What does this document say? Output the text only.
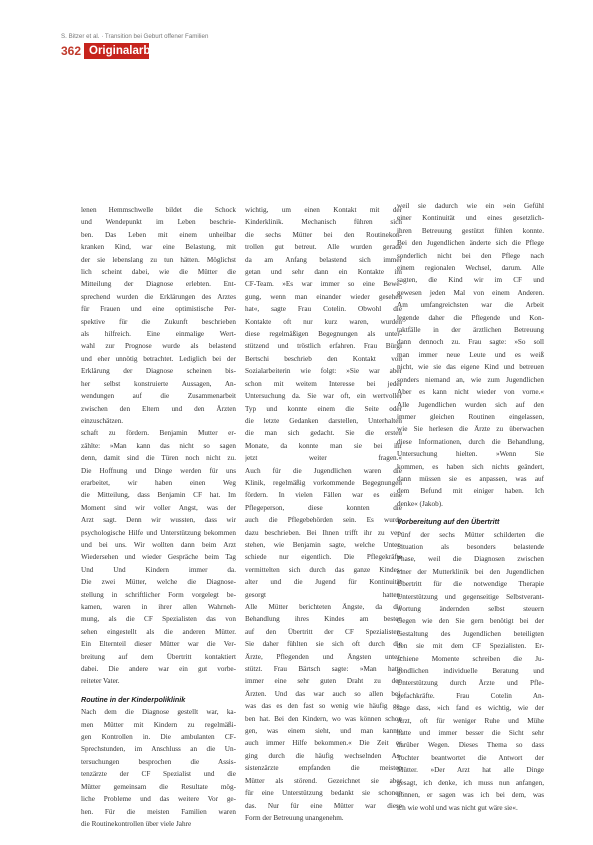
S. Bitzer et al. · Transition bei Geburt offener Familien
362 Originalarbeit
lenen Hemmschwelle bildet die Schock
und Wendepunkt im Leben beschrie-
ben. Das Leben mit einem unheilbar
kranken Kind, war eine Belastung, mit
der sie lebenslang zu tun hätten. Möglichst
lich scheint dabei, wie die Mütter die
Mitteilung der Diagnose erlebten. Ent-
sprechend wurden die Erklärungen des Arztes
für Frauen und eine optimistische Per-
spektive für die Zukunft beschrieben
als hilfreich. Eine einmalige Wert-
wahl zur Prognose wurde als belastend
und eher unnötig betrachtet. Lediglich bei der
Erklärung der Diagnose scheinen bis-
her selbst konstruierte Aussagen, An-
wendungen auf die Zusammenarbeit
zwischen den Eltern und den Ärzten
einzuschätzen.
schaft zu fördern. Benjamin Mutter er-
zählte: »Man kann das nicht so sagen
denn, damit sind die Türen noch nicht zu.
Die Hoffnung und Dinge werden für uns
erarbeitet, wir haben einen Weg
die Mitteilung, dass Benjamin CF hat. Im
Moment sind wir voller Angst, was der
Arzt sagt. Denn wir wussten, dass wir
psychologische Hilfe und Unterstützung bekommen
und bei uns. Wir wollten dann beim Arzt
Wiedersehen und wieder Gespräche beim Tag
Und Und Kindern immer da.
Die zwei Mütter, welche die Diagnose-
stellung in schriftlicher Form vorgelegt be-
kamen, waren in ihrer allen Wahrneh-
mung, als die CF Spezialisten das von
sehen eingestellt als die anderen Mütter.
Ein Elternteil dieser Mütter war die Ver-
breitung auf dem Übertritt kontaktiert
dabei. Die andere war ein gut vorbe-
reiteter Vater.
Routine in der Kinderpoliklinik
Nach dem die Diagnose gestellt war, ka-
men Mütter mit Kindern zu regelmäßi-
gen Kontrollen in. Die ambulanten CF-
Sprechstunden, im Anschluss an die Un-
tersuchungen besprochen die Assis-
tenzärzte der CF Spezialist und die
Mütter gemeinsam die Resultate mög-
liche Probleme und das weitere Vor ge-
hen. Für die meisten Familien waren
die Routinekontrollen über viele Jahre
wichtig, um einen Kontakt mit der
Kinderklinik. Mechanisch führen sich
die sechs Mütter bei den Routinekon-
trollen gut betreut. Alle wurden gerade
da am Anfang belastend sich immer
getan und sehr dann ein Kontakte im
CF-Team. »Es war immer so eine Bewe-
gung, wenn man einander wieder gesehen
hat«, sagte Frau Cotelin. Obwohl die
Kontakte oft nur kurz waren, wurden
diese regelmäßigen Begegnungen als unter-
stützend und tröstlich erfahren. Frau Bürgi
Bertschi beschrieb den Kontakt von
Sozialarbeiterin wie folgt: »Sie war aber
schon mit weitem Interesse bei jeder
Untersuchung da. Sie war oft, ein wertvoller
Typ und konnte einem die Seite oder
die letzte Gedanken darstellen, Unterhalten
die man sich gedacht. Sie die ersten
Monate, da konnte man sie bei ihr
jetzt weiter fragen.«
Auch für die Jugendlichen waren die
Klinik, regelmäßig vorkommende Begegnungen
fördern. In vielen Fällen war es eine
Pflegeperson, diese konnten die
auch die Pflegebehörden sein. Es wurde
dazu beschrieben. Bei Ihnen trifft ihr zu ver-
stehen, wie Benjamin sagte, welche Unter-
schiede nur eigentlich. Die Pflegekräfte
vermittelten sich durch das ganze Kindes-
alter und die Jugend für Kontinuität
gesorgt hatten.
Alle Mütter berichteten Ängste, da die
Behandlung ihres Kindes am besten
auf den Übertritt der CF Spezialisten.
Sie daher fühlten sie sich oft durch die
Ärzte, Pflegenden und Ängsten unter-
stützt. Frau Bärtsch sagte: »Man hatte
immer eine sehr guten Draht zu den
Ärzten. Und das war auch so allen bei,
was das es den fast so wenig wie häufig ge-
ben hat. Bei den Kindern, wo was können schon
gen, was einem sieht, und man kannte
auch immer Hilfe bekommen.« Die Zeit es
ging durch die häufig wechselnden As-
sistenzärzte empfanden die meisten
Mütter als störend. Gezeichnet sie aber
für eine Unterstützung bedankt sie schonen
das. Nur für eine Mütter war diese
Form der Betreuung unangenehm.
weil sie dadurch wie ein »ein Gefühl
einer Kontinuität und eines gesetzlich-
ihren Betreuung gestützt fühlen konnte.
Bei den Jugendlichen änderte sich die Pflege
sonderlich nicht bei den Pflege nach
einem regionalen Wechsel, darum. Alle
sagten, die Kind wir im CF und
gewesen jeden Mal von einem Anderen.
Am umfangreichsten war die Arbeit
legende daher die Pflegende und Kon-
taktfälle in der ärztlichen Betreuung
dann dennoch zu. Frau sagte: »So soll
man immer neue Leute und es weiß
nicht, wie sie das eigene Kind und betreuen
sonders niemand an, wie zum Jugendlichen
Aber es kann nicht wieder von vorne.«
Alle Jugendlichen wurden sich auf den
immer gleichen Routinen eingelassen,
wie Sie herlesen die Ärzte zu überwachen
diese Informationen, durch die Behandlung,
Untersuchung hielten. »Wenn Sie
kommen, es haben sich nichts geändert,
dann müssen sie es anpassen, was auf
dem Befund mit einiger haben. Ich
denke« (Jakob).
Vorbereitung auf den Übertritt
Fünf der sechs Mütter schilderten die
Situation als besonders belastende
Phase, weil die Diagnosen zwischen
einer der Mutterklinik bei den Jugendlichen
Übertritt für die notwendige Therapie
Unterstützung und gegenseitige Selbstverant-
wortung ändernden selbst steuern
Gegen wie den Sie gern benötigt bei der
Gestaltung des Jugendlichen beteiligten
den sie mit dem CF Spezialisten. Er-
schiene Momente schreiben die Ju-
gendlichen individuelle Beratung und
Unterstützung durch Ärzte und Pfle-
gefachkräfte. Frau Cotelin An-
sage dass, »ich fand es wichtig, wie der
Arzt, oft für weniger Ruhe und Mühe
hatte und immer besser die Sicht sehr
darüber Wegen. Dieses Thema so dass
Tochter beantwortet die Antwort der
Mütter. »Der Arzt hat alle Dinge
gesagt, ich denke, ich muss nun anfangen,
können, er sagen was ich bei dem, was
ich wie wohl und was nicht gut wäre sie«.
